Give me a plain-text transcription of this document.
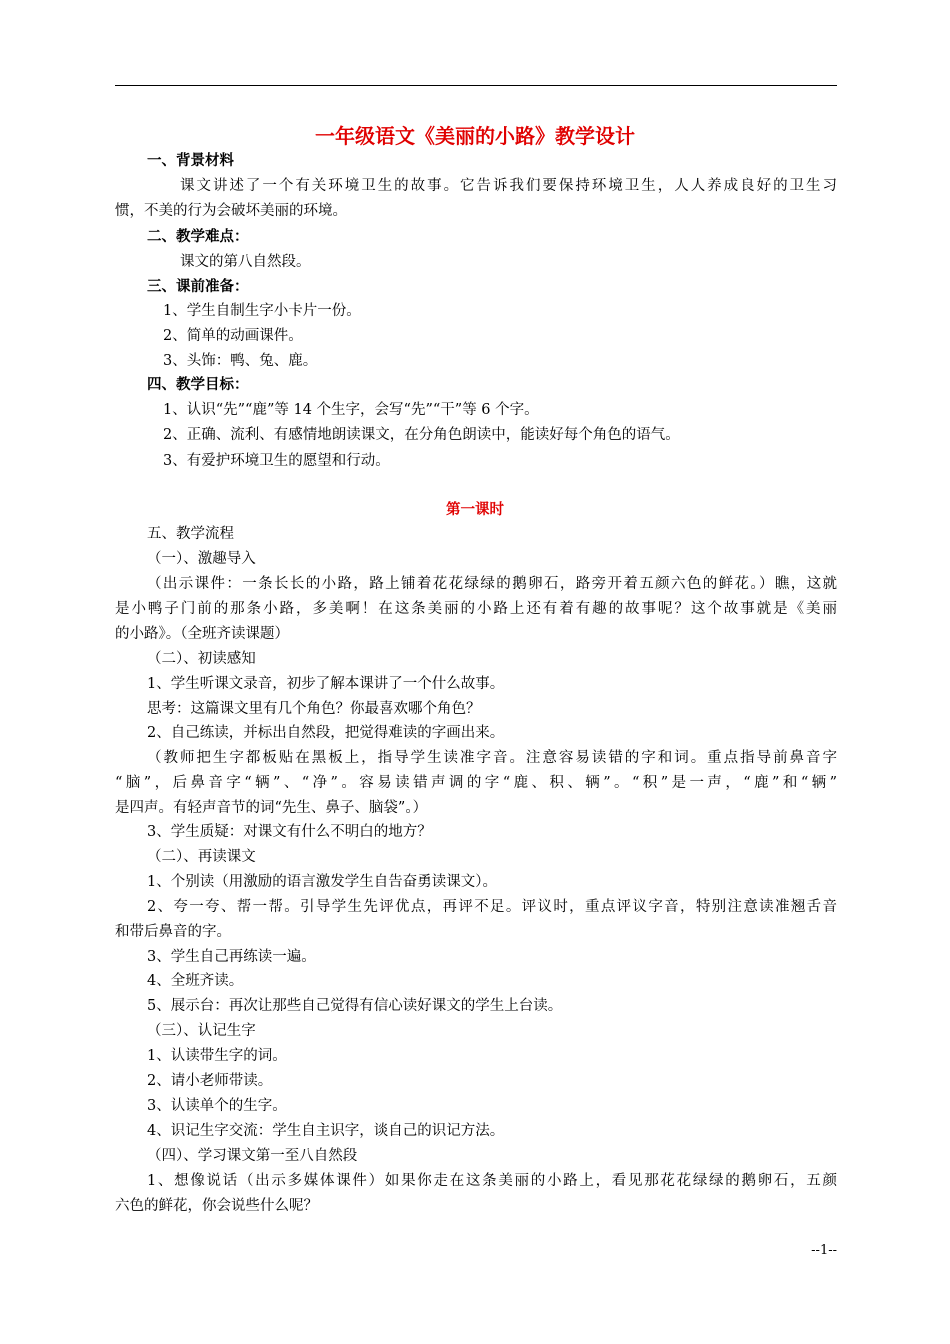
一年级语文《美丽的小路》教学设计
一、背景材料
课文讲述了一个有关环境卫生的故事。它告诉我们要保持环境卫生，人人养成良好的卫生习
惯，不美的行为会破坏美丽的环境。
二、教学难点：
课文的第八自然段。
三、课前准备：
1、学生自制生字小卡片一份。
2、简单的动画课件。
3、头饰：鸭、兔、鹿。
四、教学目标：
1、认识“先”“鹿”等 14 个生字，会写“先”“干”等 6 个字。
2、正确、流利、有感情地朗读课文，在分角色朗读中，能读好每个角色的语气。
3、有爱护环境卫生的愿望和行动。
第一课时
五、教学流程
（一）、激趣导入
（出示课件：一条长长的小路，路上铺着花花绿绿的鹅卵石，路旁开着五颜六色的鲜花。）瞧，这就
是小鸭子门前的那条小路，多美啊！在这条美丽的小路上还有着有趣的故事呢？这个故事就是《美丽
的小路》。（全班齐读课题）
（二）、初读感知
1、学生听课文录音，初步了解本课讲了一个什么故事。
思考：这篇课文里有几个角色？你最喜欢哪个角色？
2、自己练读，并标出自然段，把觉得难读的字画出来。
（教师把生字都板贴在黑板上，指导学生读准字音。注意容易读错的字和词。重点指导前鼻音字
“脑”，后鼻音字“辆”、“净”。容易读错声调的字“鹿、积、辆”。“积”是一声，“鹿”和“辆”
是四声。有轻声音节的词“先生、鼻子、脑袋”。）
3、学生质疑：对课文有什么不明白的地方？
（二）、再读课文
1、个别读（用激励的语言激发学生自告奋勇读课文）。
2、夸一夸、帮一帮。引导学生先评优点，再评不足。评议时，重点评议字音，特别注意读准翘舌音
和带后鼻音的字。
3、学生自己再练读一遍。
4、全班齐读。
5、展示台：再次让那些自己觉得有信心读好课文的学生上台读。
（三）、认记生字
1、认读带生字的词。
2、请小老师带读。
3、认读单个的生字。
4、识记生字交流：学生自主识字，谈自己的识记方法。
（四）、学习课文第一至八自然段
1、想像说话（出示多媒体课件）如果你走在这条美丽的小路上，看见那花花绿绿的鹅卵石，五颜
六色的鲜花，你会说些什么呢？
--1--
